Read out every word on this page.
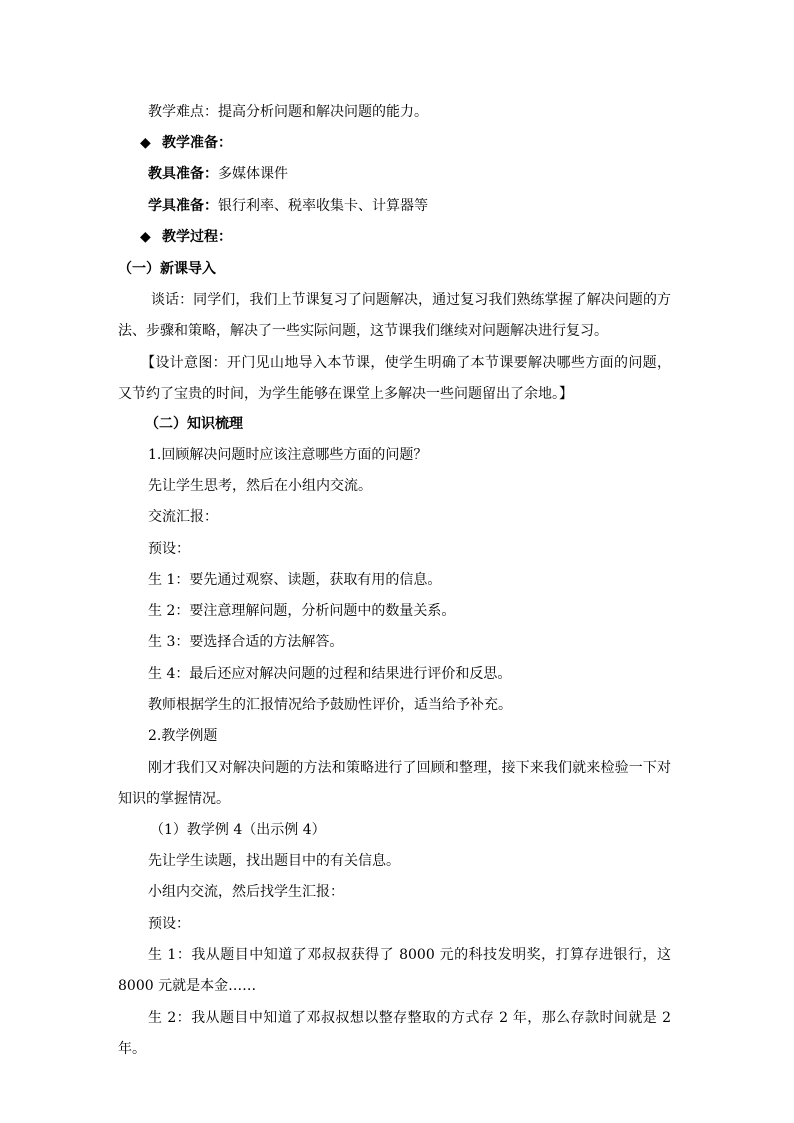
教学难点：提高分析问题和解决问题的能力。
◆ 教学准备：
教具准备：多媒体课件
学具准备：银行利率、税率收集卡、计算器等
◆ 教学过程：
（一）新课导入
谈话：同学们，我们上节课复习了问题解决，通过复习我们熟练掌握了解决问题的方法、步骤和策略，解决了一些实际问题，这节课我们继续对问题解决进行复习。
【设计意图：开门见山地导入本节课，使学生明确了本节课要解决哪些方面的问题，又节约了宝贵的时间，为学生能够在课堂上多解决一些问题留出了余地。】
（二）知识梳理
1.回顾解决问题时应该注意哪些方面的问题？
先让学生思考，然后在小组内交流。
交流汇报：
预设：
生 1：要先通过观察、读题，获取有用的信息。
生 2：要注意理解问题，分析问题中的数量关系。
生 3：要选择合适的方法解答。
生 4：最后还应对解决问题的过程和结果进行评价和反思。
教师根据学生的汇报情况给予鼓励性评价，适当给予补充。
2.教学例题
刚才我们又对解决问题的方法和策略进行了回顾和整理，接下来我们就来检验一下对知识的掌握情况。
（1）教学例 4（出示例 4）
先让学生读题，找出题目中的有关信息。
小组内交流，然后找学生汇报：
预设：
生 1：我从题目中知道了邓叔叔获得了 8000 元的科技发明奖，打算存进银行，这 8000 元就是本金……
生 2：我从题目中知道了邓叔叔想以整存整取的方式存 2 年，那么存款时间就是 2 年。
